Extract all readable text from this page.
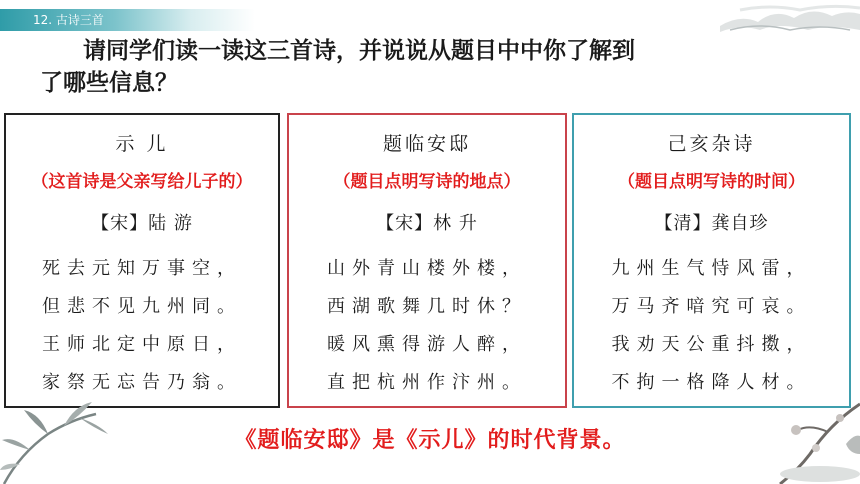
12. 古诗三首
请同学们读一读这三首诗，并说说从题目中中你了解到
了哪些信息？
示 儿
（这首诗是父亲写给儿子的）
【宋】陆 游
死去元知万事空，
但悲不见九州同。
王师北定中原日，
家祭无忘告乃翁。
题临安邸
（题目点明写诗的地点）
【宋】林 升
山外青山楼外楼，
西湖歌舞几时休？
暖风熏得游人醉，
直把杭州作汴州。
己亥杂诗
（题目点明写诗的时间）
【清】龚自珍
九州生气恃风雷，
万马齐喑究可哀。
我劝天公重抖擞，
不拘一格降人材。
《题临安邸》是《示儿》的时代背景。
